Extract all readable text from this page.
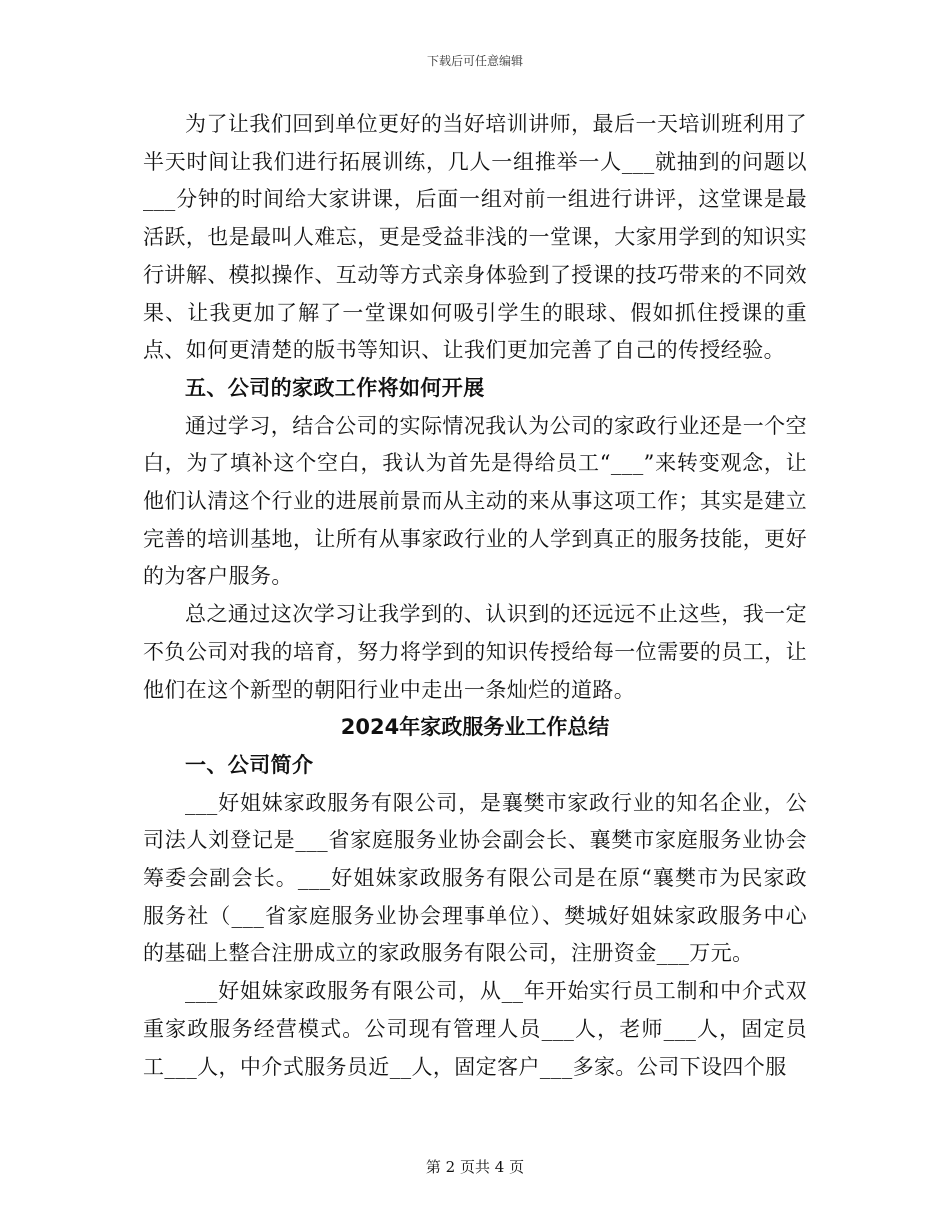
下载后可任意编辑

为了让我们回到单位更好的当好培训讲师，最后一天培训班利用了半天时间让我们进行拓展训练，几人一组推举一人___就抽到的问题以___分钟的时间给大家讲课，后面一组对前一组进行讲评，这堂课是最活跃，也是最叫人难忘，更是受益非浅的一堂课，大家用学到的知识实行讲解、模拟操作、互动等方式亲身体验到了授课的技巧带来的不同效果、让我更加了解了一堂课如何吸引学生的眼球、假如抓住授课的重点、如何更清楚的版书等知识、让我们更加完善了自己的传授经验。

五、公司的家政工作将如何开展

通过学习，结合公司的实际情况我认为公司的家政行业还是一个空白，为了填补这个空白，我认为首先是得给员工“___”来转变观念，让他们认清这个行业的进展前景而从主动的来从事这项工作；其实是建立完善的培训基地，让所有从事家政行业的人学到真正的服务技能，更好的为客户服务。

总之通过这次学习让我学到的、认识到的还远远不止这些，我一定不负公司对我的培育，努力将学到的知识传授给每一位需要的员工，让他们在这个新型的朝阳行业中走出一条灿烂的道路。

2024年家政服务业工作总结

一、公司简介

___好姐妹家政服务有限公司，是襄樊市家政行业的知名企业，公司法人刘登记是___省家庭服务业协会副会长、襄樊市家庭服务业协会筹委会副会长。___好姐妹家政服务有限公司是在原“襄樊市为民家政服务社（___省家庭服务业协会理事单位）、樊城好姐妹家政服务中心的基础上整合注册成立的家政服务有限公司，注册资金___万元。

___好姐妹家政服务有限公司，从__年开始实行员工制和中介式双重家政服务经营模式。公司现有管理人员___人，老师___人，固定员工___人，中介式服务员近__人，固定客户___多家。公司下设四个服

第 2 页共 4 页
